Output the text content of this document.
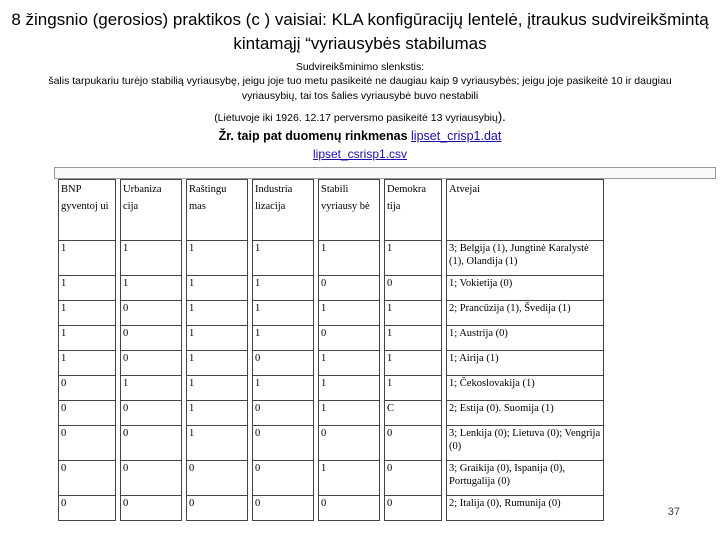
8 žingsnio (gerosios) praktikos (c ) vaisiai: KLA konfigūracijų lentelė, įtraukus sudvireikšmintą kintamąjį “vyriausybės stabilumas
Sudvireikšminimo slenkstis:
šalis tarpukariu turėjo stabilią vyriausybę, jeigu joje tuo metu pasikeitė ne daugiau kaip 9 vyriausybės; jeigu joje pasikeitė 10 ir daugiau vyriausybių, tai tos šalies vyriausybė buvo nestabili
(Lietuvoje iki 1926. 12.17 perversmo pasikeitė 13 vyriausybių).
Žr. taip pat duomenų rinkmenas lipset_crisp1.dat
lipset_csrisp1.csv
BNP gyventoj ui	Urbaniza cija	Raštingu mas	Industria lizacija	Stabili vyriausy bė	Demokra tija	Atvejai
1	1	1	1	1	1	3; Belgija (1), Jungtinė Karalystė (1), Olandija (1)
1	1	1	1	0	0	1; Vokietija (0)
1	0	1	1	1	1	2; Prancūzija (1), Švedija (1)
1	0	1	1	0	1	1; Austrija (0)
1	0	1	0	1	1	1; Airija (1)
0	1	1	1	1	1	1; Čekoslovakija (1)
0	0	1	0	1	C	2; Estija (0). Suomija (1)
0	0	1	0	0	0	3; Lenkija (0); Lietuva (0); Vengrija (0)
0	0	0	0	1	0	3; Graikija (0), Ispanija (0), Portugalija (0)
0	0	0	0	0	0	2; Italija (0), Rumunija (0)
37
